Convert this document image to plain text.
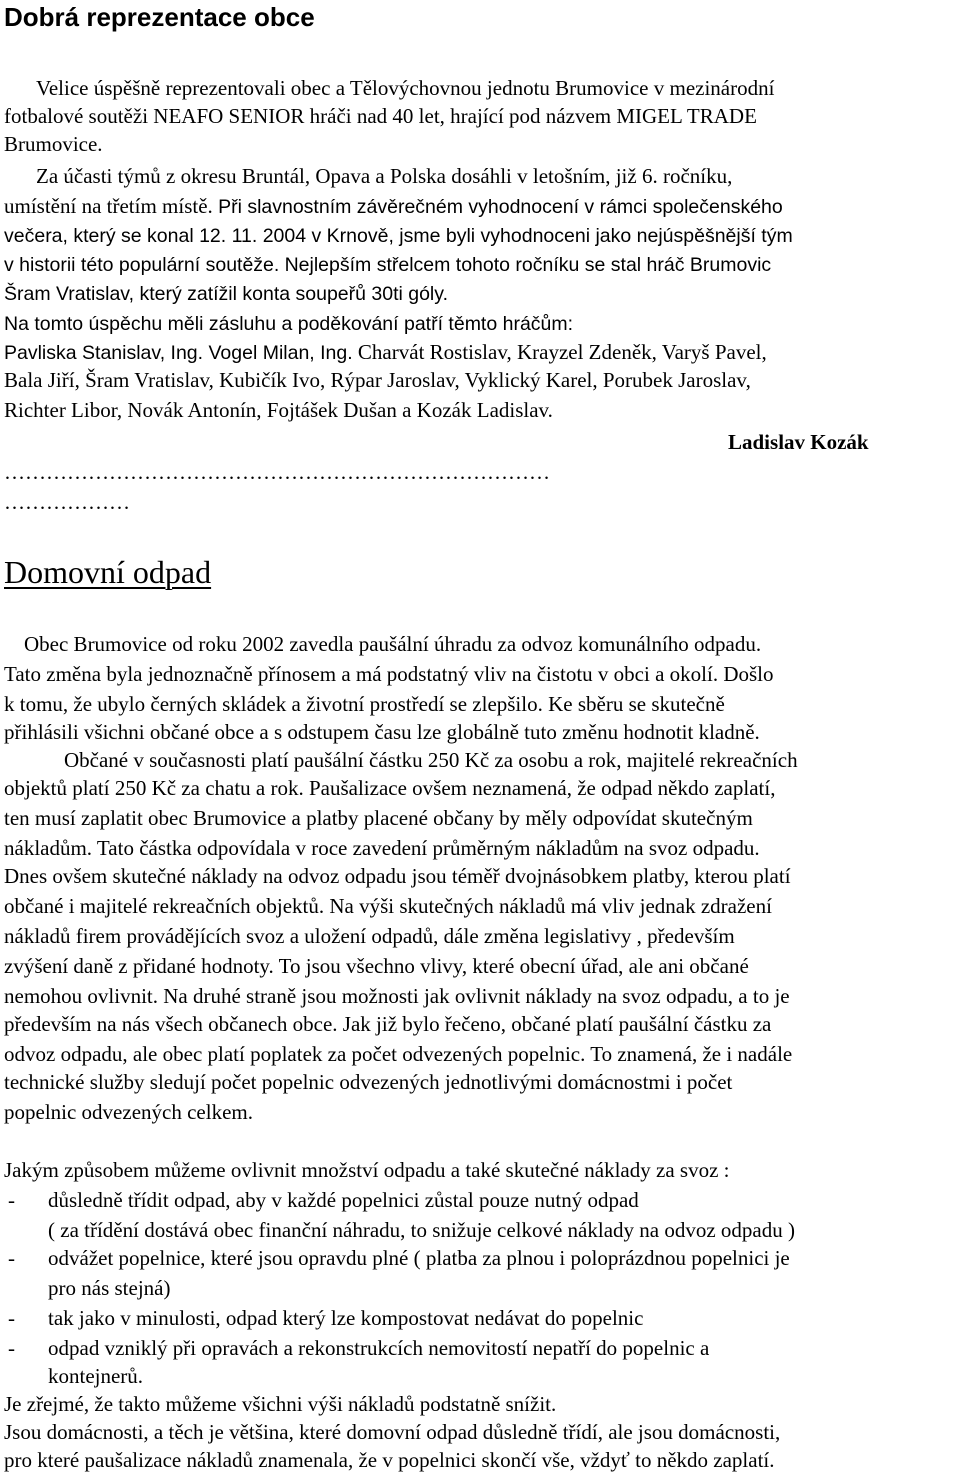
Dobrá reprezentace obce

Velice úspěšně reprezentovali obec a Tělovýchovnou jednotu Brumovice v mezinárodní

fotbalové soutěži NEAFO SENIOR hráči nad 40 let, hrající pod názvem MIGEL TRADE

Brumovice.

Za účasti týmů z okresu Bruntál, Opava a Polska dosáhli v letošním, již 6. ročníku,

umístění na třetím místě. Při slavnostním závěrečném vyhodnocení v rámci společenského

večera, který se konal 12. 11. 2004 v Krnově, jsme byli vyhodnoceni jako nejúspěšnější tým

v historii této populární soutěže. Nejlepším střelcem tohoto ročníku se stal hráč Brumovic

Šram Vratislav, který zatížil konta soupeřů 30ti góly.

Na tomto úspěchu měli zásluhu a poděkování patří těmto hráčům:

Pavliska Stanislav, Ing. Vogel Milan, Ing. Charvát Rostislav, Krayzel Zdeněk, Varyš Pavel,

Bala Jiří, Šram Vratislav, Kubičík Ivo, Rýpar Jaroslav, Vyklický Karel, Porubek Jaroslav,

Richter Libor, Novák Antonín, Fojtášek Dušan a Kozák Ladislav.

Ladislav Kozák
……………………………………………………………………
………………
Domovní odpad

Obec Brumovice od roku 2002 zavedla paušální úhradu za odvoz komunálního odpadu.

Tato změna byla jednoznačně přínosem a má podstatný vliv na čistotu v obci a okolí. Došlo

k tomu, že ubylo černých skládek a životní prostředí se zlepšilo. Ke sběru se skutečně

přihlásili všichni občané obce a s odstupem času lze globálně tuto změnu hodnotit kladně.

Občané v současnosti platí paušální částku 250 Kč za osobu a rok, majitelé rekreačních

objektů platí 250 Kč za chatu a rok. Paušalizace ovšem neznamená, že odpad někdo zaplatí,

ten musí zaplatit obec Brumovice a platby placené občany by měly odpovídat skutečným

nákladům. Tato částka odpovídala v roce zavedení průměrným nákladům na svoz odpadu.

Dnes ovšem skutečné náklady na odvoz odpadu jsou téměř dvojnásobkem platby, kterou platí

občané i majitelé rekreačních objektů. Na výši skutečných nákladů má vliv jednak zdražení

nákladů firem provádějících svoz a uložení odpadů, dále změna legislativy , především

zvýšení daně z přidané hodnoty. To jsou všechno vlivy, které obecní úřad, ale ani občané

nemohou ovlivnit. Na druhé straně jsou možnosti jak ovlivnit náklady na svoz odpadu, a to je

především na nás všech občanech obce. Jak již bylo řečeno, občané platí paušální částku za

odvoz odpadu, ale obec platí poplatek za počet odvezených popelnic. To znamená, že i nadále

technické služby sledují počet popelnic odvezených jednotlivými domácnostmi i počet

popelnic odvezených celkem.

Jakým způsobem můžeme ovlivnit množství odpadu a také skutečné náklady za svoz :

- důsledně třídit odpad, aby v každé popelnici zůstal pouze nutný odpad

( za třídění dostává obec finanční náhradu, to snižuje celkové náklady na odvoz odpadu )

- odvážet popelnice, které jsou opravdu plné ( platba za plnou i poloprázdnou popelnici je

pro nás stejná)

- tak jako v minulosti, odpad který lze kompostovat nedávat do popelnic

- odpad vzniklý při opravách a rekonstrukcích nemovitostí nepatří do popelnic a

kontejnerů.

Je zřejmé, že takto můžeme všichni výši nákladů podstatně snížit.

Jsou domácnosti, a těch je většina, které domovní odpad důsledně třídí, ale jsou domácnosti,

pro které paušalizace nákladů znamenala, že v popelnici skončí vše, vždyť to někdo zaplatí.
